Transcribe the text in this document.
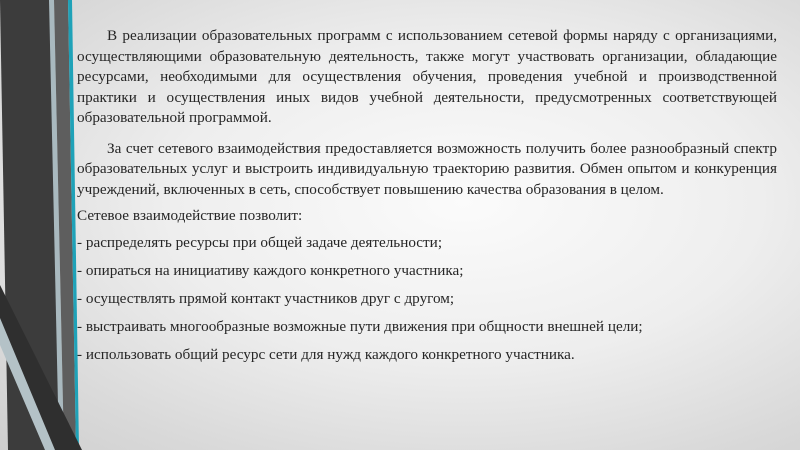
В реализации образовательных программ с использованием сетевой формы наряду с организациями, осуществляющими образовательную деятельность, также могут участвовать организации, обладающие ресурсами, необходимыми для осуществления обучения, проведения учебной и производственной практики и осуществления иных видов учебной деятельности, предусмотренных соответствующей образовательной программой.

За счет сетевого взаимодействия предоставляется возможность получить более разнообразный спектр образовательных услуг и выстроить индивидуальную траекторию развития. Обмен опытом и конкуренция учреждений, включенных в сеть, способствует повышению качества образования в целом.

Сетевое взаимодействие позволит:

- распределять ресурсы при общей задаче деятельности;
- опираться на инициативу каждого конкретного участника;
- осуществлять прямой контакт участников друг с другом;
- выстраивать многообразные возможные пути движения при общности внешней цели;
- использовать общий ресурс сети для нужд каждого конкретного участника.
